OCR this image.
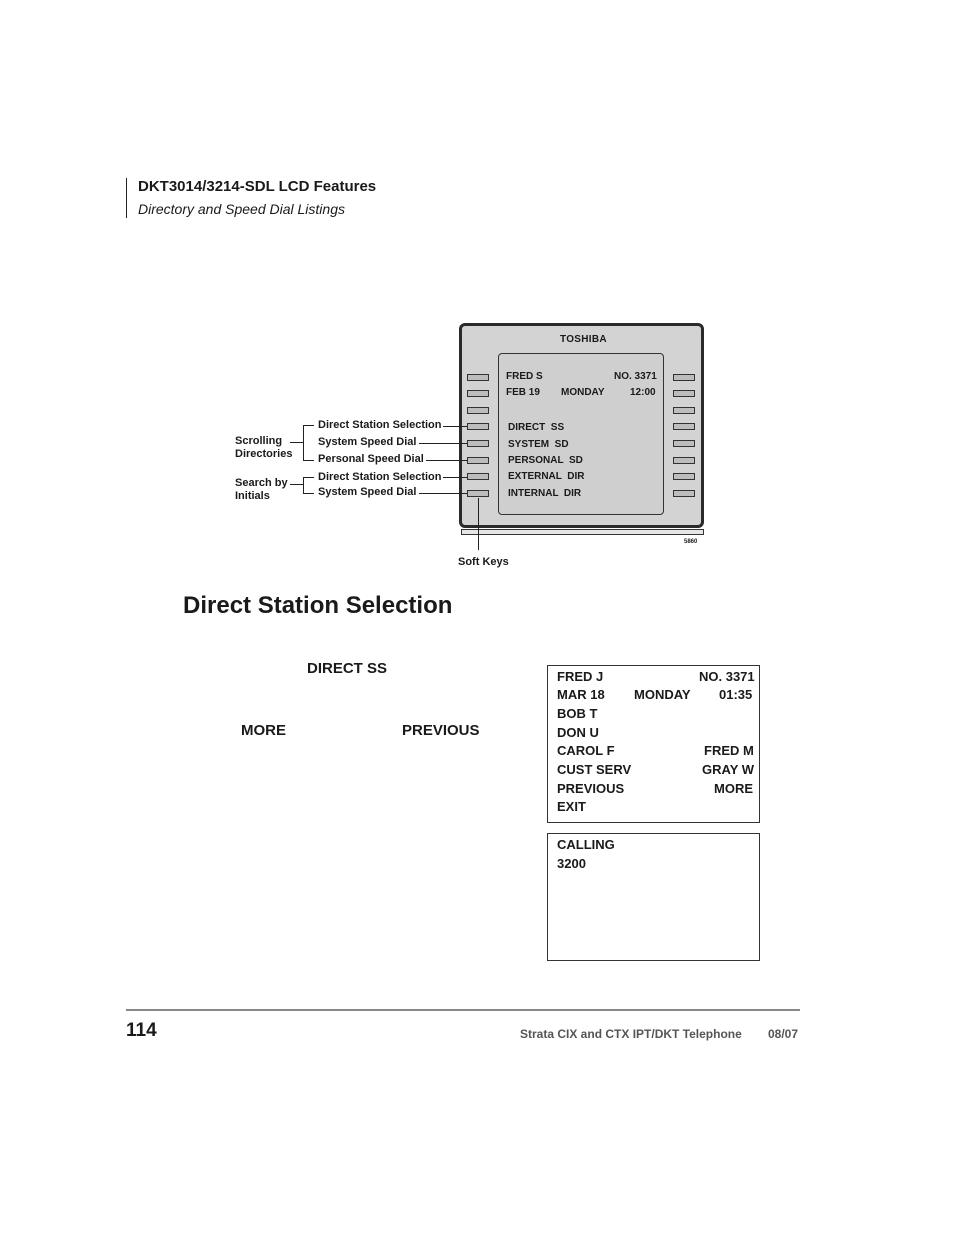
DKT3014/3214-SDL LCD Features
Directory and Speed Dial Listings
TOSHIBA
FRED S	NO. 3371
FEB 19 MONDAY	12:00
DIRECT  SS
SYSTEM  SD
PERSONAL  SD
EXTERNAL  DIR
INTERNAL  DIR
Scrolling Directories
Search by Initials
Direct Station Selection
System Speed Dial
Personal Speed Dial
Direct Station Selection
System Speed Dial
Soft Keys
5860
Direct Station Selection
DIRECT SS
MORE	PREVIOUS
FRED J	NO. 3371
MAR 18 MONDAY 01:35
BOB T
DON U
CAROL F	FRED M
CUST SERV	GRAY W
PREVIOUS	MORE
EXIT
CALLING
3200
114	Strata CIX and CTX IPT/DKT Telephone 08/07
